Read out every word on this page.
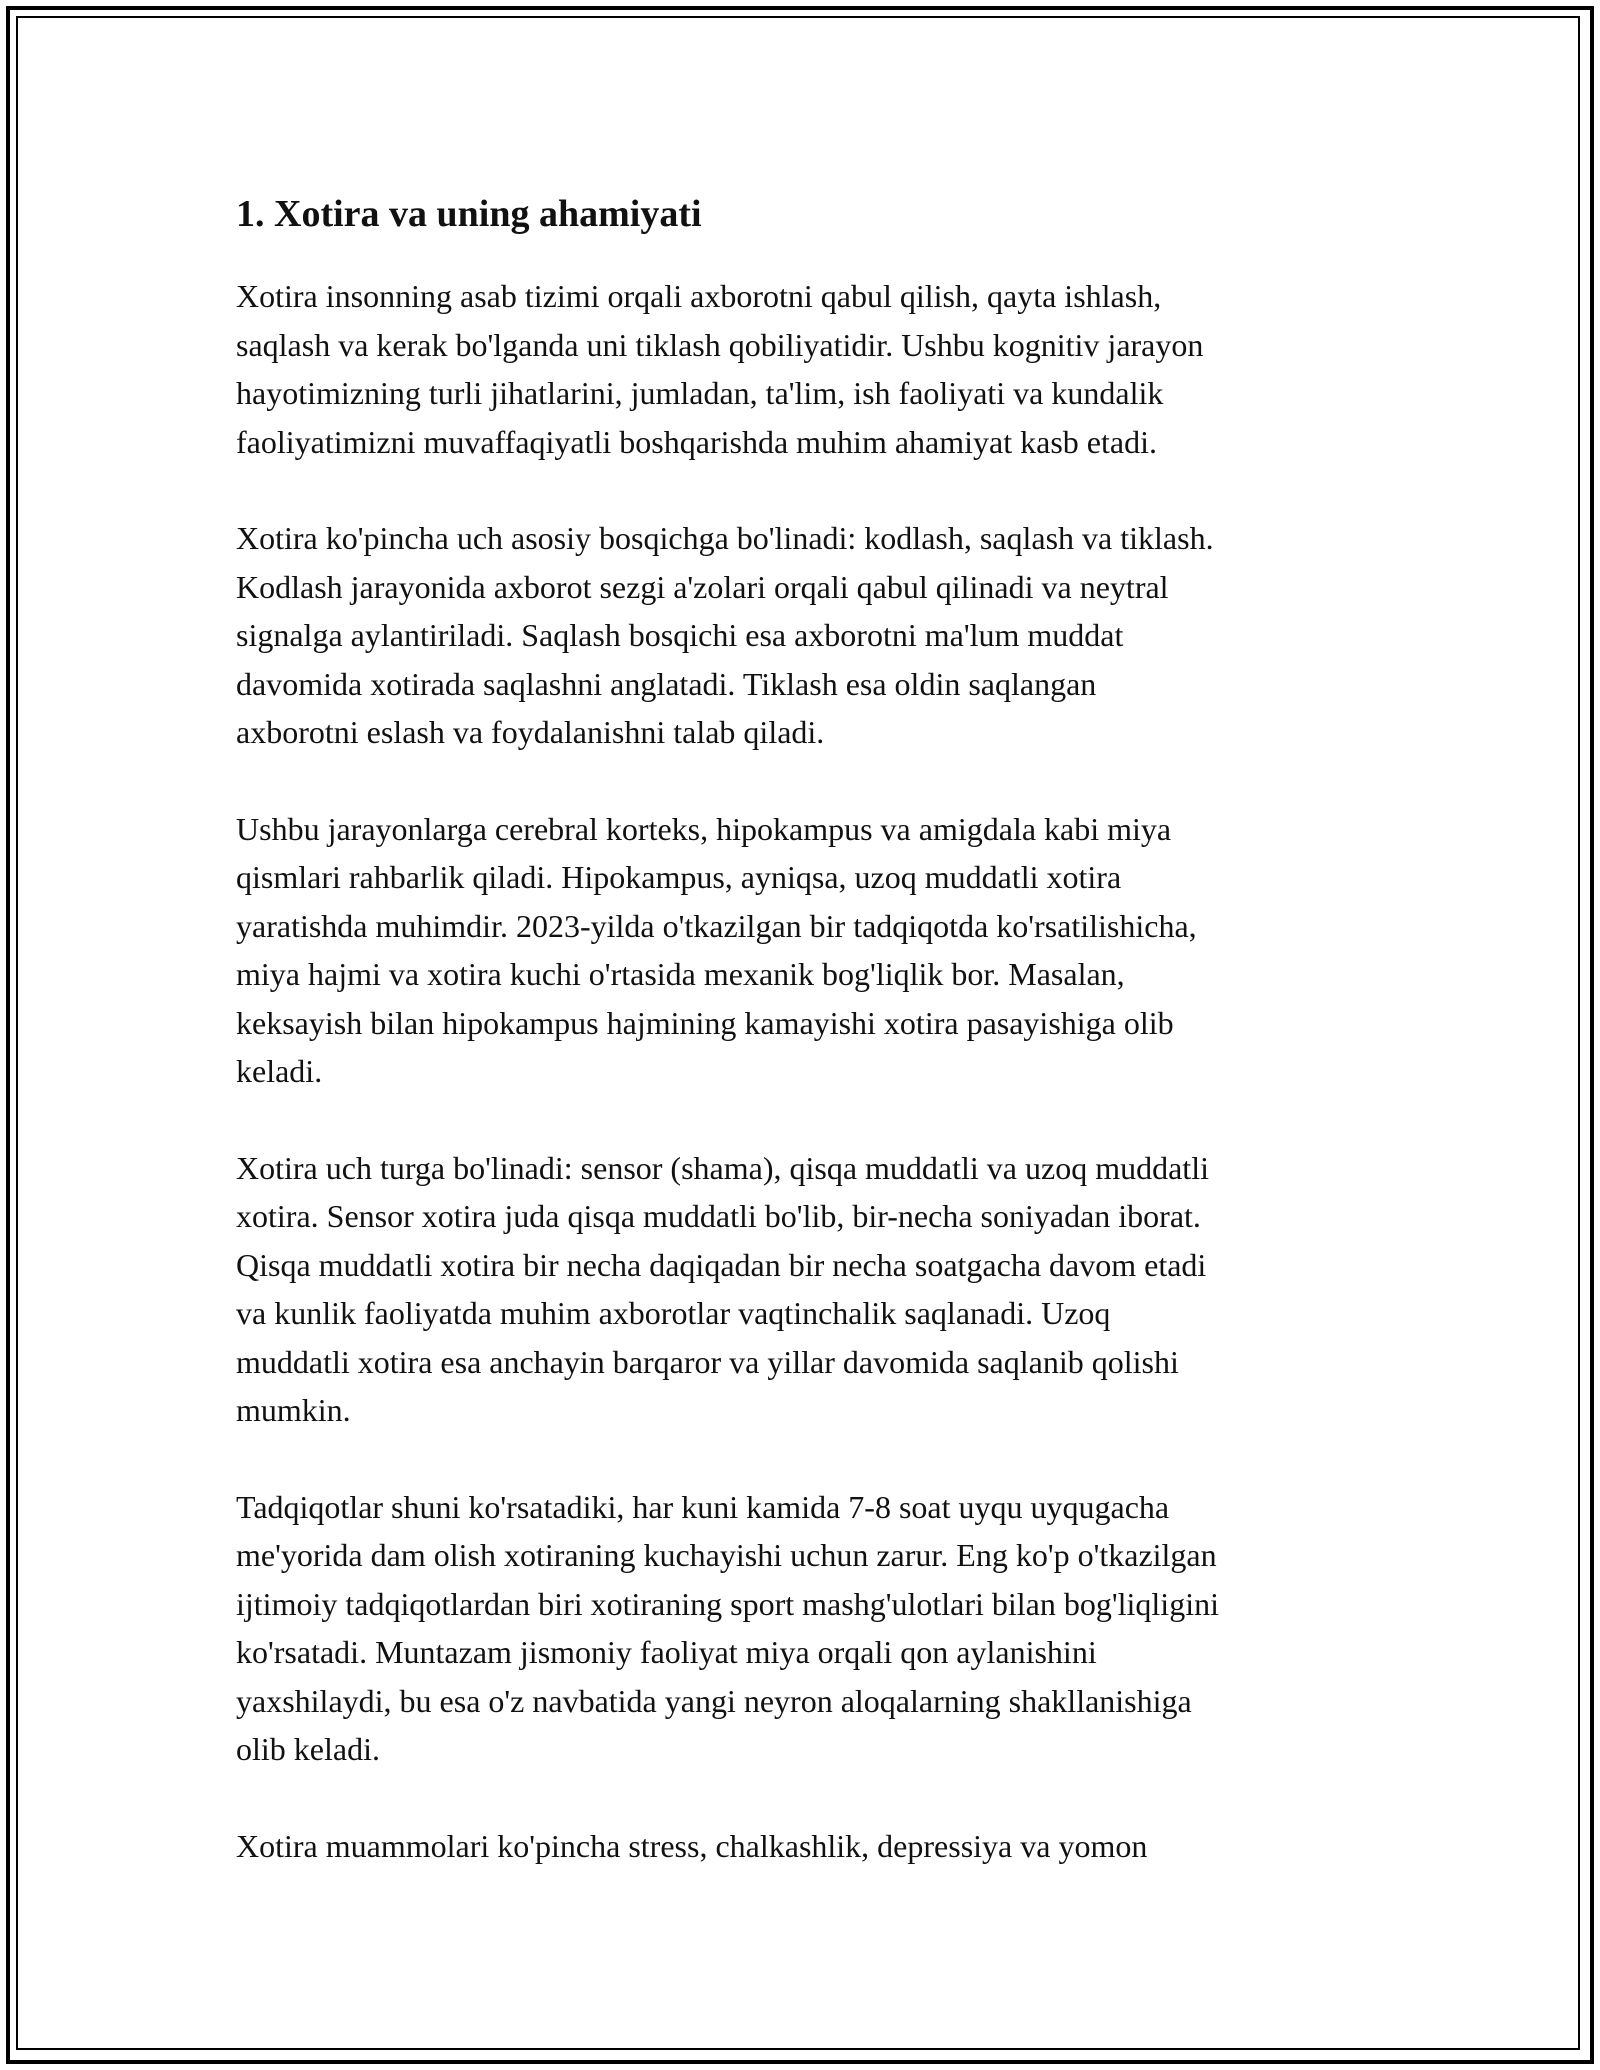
1. Xotira va uning ahamiyati

Xotira insonning asab tizimi orqali axborotni qabul qilish, qayta ishlash,
saqlash va kerak bo'lganda uni tiklash qobiliyatidir. Ushbu kognitiv jarayon
hayotimizning turli jihatlarini, jumladan, ta'lim, ish faoliyati va kundalik
faoliyatimizni muvaffaqiyatli boshqarishda muhim ahamiyat kasb etadi.

Xotira ko'pincha uch asosiy bosqichga bo'linadi: kodlash, saqlash va tiklash.
Kodlash jarayonida axborot sezgi a'zolari orqali qabul qilinadi va neytral
signalga aylantiriladi. Saqlash bosqichi esa axborotni ma'lum muddat
davomida xotirada saqlashni anglatadi. Tiklash esa oldin saqlangan
axborotni eslash va foydalanishni talab qiladi.

Ushbu jarayonlarga cerebral korteks, hipokampus va amigdala kabi miya
qismlari rahbarlik qiladi. Hipokampus, ayniqsa, uzoq muddatli xotira
yaratishda muhimdir. 2023-yilda o'tkazilgan bir tadqiqotda ko'rsatilishicha,
miya hajmi va xotira kuchi o'rtasida mexanik bog'liqlik bor. Masalan,
keksayish bilan hipokampus hajmining kamayishi xotira pasayishiga olib
keladi.

Xotira uch turga bo'linadi: sensor (shama), qisqa muddatli va uzoq muddatli
xotira. Sensor xotira juda qisqa muddatli bo'lib, bir-necha soniyadan iborat.
Qisqa muddatli xotira bir necha daqiqadan bir necha soatgacha davom etadi
va kunlik faoliyatda muhim axborotlar vaqtinchalik saqlanadi. Uzoq
muddatli xotira esa anchayin barqaror va yillar davomida saqlanib qolishi
mumkin.

Tadqiqotlar shuni ko'rsatadiki, har kuni kamida 7-8 soat uyqu uyqugacha
me'yorida dam olish xotiraning kuchayishi uchun zarur. Eng ko'p o'tkazilgan
ijtimoiy tadqiqotlardan biri xotiraning sport mashg'ulotlari bilan bog'liqligini
ko'rsatadi. Muntazam jismoniy faoliyat miya orqali qon aylanishini
yaxshilaydi, bu esa o'z navbatida yangi neyron aloqalarning shakllanishiga
olib keladi.

Xotira muammolari ko'pincha stress, chalkashlik, depressiya va yomon
